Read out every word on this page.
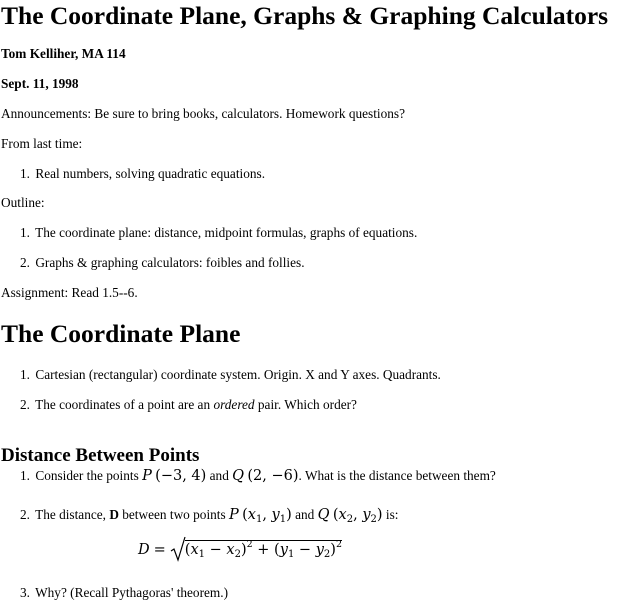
The Coordinate Plane, Graphs & Graphing Calculators
Tom Kelliher, MA 114
Sept. 11, 1998
Announcements: Be sure to bring books, calculators. Homework questions?
From last time:
1. Real numbers, solving quadratic equations.
Outline:
1. The coordinate plane: distance, midpoint formulas, graphs of equations.
2. Graphs & graphing calculators: foibles and follies.
Assignment: Read 1.5--6.
The Coordinate Plane
1. Cartesian (rectangular) coordinate system. Origin. X and Y axes. Quadrants.
2. The coordinates of a point are an ordered pair. Which order?
Distance Between Points
1. Consider the points P (−3, 4) and Q (2, −6). What is the distance between them?
2. The distance, D between two points P ($x_1$, $y_1$) and Q ($x_2$, $y_2$) is:
$D = (x_1 - x_2)^2 + (y_1 - y_2)^2$
3. Why? (Recall Pythagoras' theorem.)
